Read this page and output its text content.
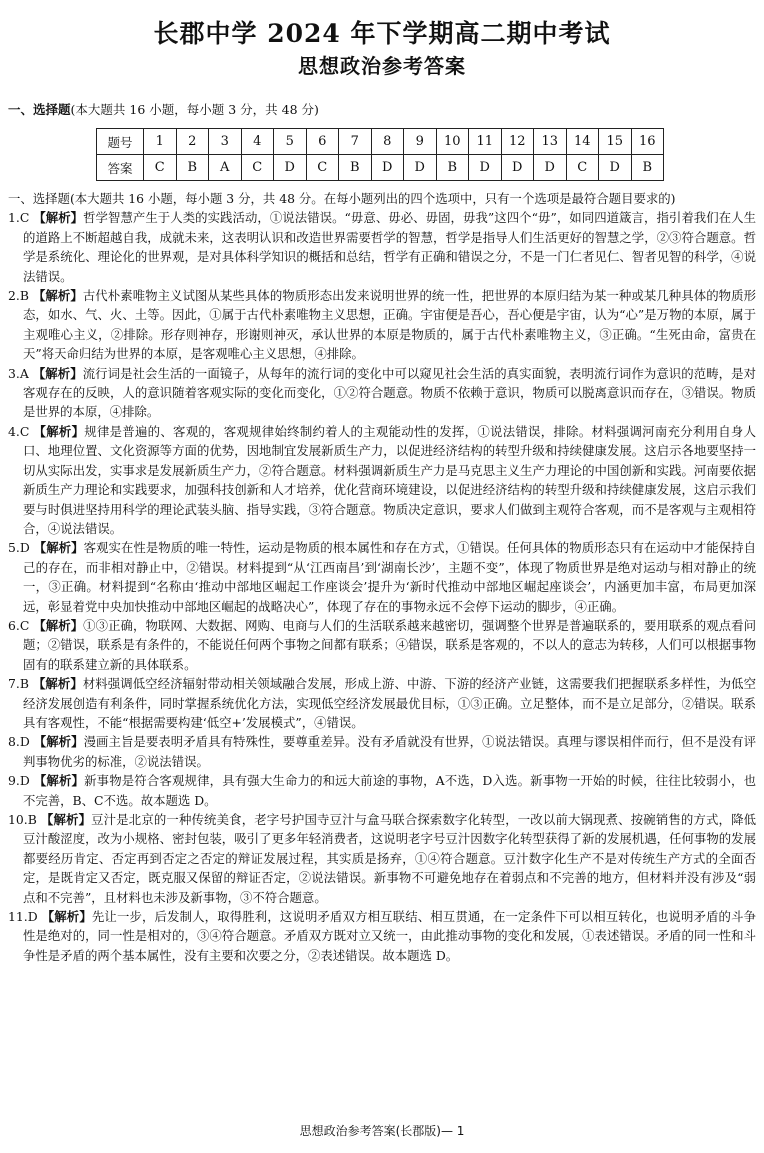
长郡中学 2024 年下学期高二期中考试
思想政治参考答案
一、选择题(本大题共 16 小题，每小题 3 分，共 48 分)
题号	1	2	3	4	5	6	7	8	9	10	11	12	13	14	15	16
答案	C	B	A	C	D	C	B	D	D	B	D	D	D	C	D	B

一、选择题(本大题共 16 小题，每小题 3 分，共 48 分。在每小题列出的四个选项中，只有一个选项是最符合题目要求的)

1.C 【解析】哲学智慧产生于人类的实践活动，①说法错误。“毋意、毋必、毋固，毋我”这四个“毋”，如同四道箴言，指引着我们在人生的道路上不断超越自我，成就未来，这表明认识和改造世界需要哲学的智慧，哲学是指导人们生活更好的智慧之学，②③符合题意。哲学是系统化、理论化的世界观，是对具体科学知识的概括和总结，哲学有正确和错误之分，不是一门仁者见仁、智者见智的科学，④说法错误。

2.B 【解析】古代朴素唯物主义试图从某些具体的物质形态出发来说明世界的统一性，把世界的本原归结为某一种或某几种具体的物质形态，如水、气、火、土等。因此，①属于古代朴素唯物主义思想，正确。宇宙便是吾心，吾心便是宇宙，认为“心”是万物的本原，属于主观唯心主义，②排除。形存则神存，形谢则神灭，承认世界的本原是物质的，属于古代朴素唯物主义，③正确。“生死由命，富贵在天”将天命归结为世界的本原，是客观唯心主义思想，④排除。

3.A 【解析】流行词是社会生活的一面镜子，从每年的流行词的变化中可以窥见社会生活的真实面貌，表明流行词作为意识的范畴，是对客观存在的反映，人的意识随着客观实际的变化而变化，①②符合题意。物质不依赖于意识，物质可以脱离意识而存在，③错误。物质是世界的本原，④排除。

4.C 【解析】规律是普遍的、客观的，客观规律始终制约着人的主观能动性的发挥，①说法错误，排除。材料强调河南充分利用自身人口、地理位置、文化资源等方面的优势，因地制宜发展新质生产力，以促进经济结构的转型升级和持续健康发展。这启示各地要坚持一切从实际出发，实事求是发展新质生产力，②符合题意。材料强调新质生产力是马克思主义生产力理论的中国创新和实践。河南要依据新质生产力理论和实践要求，加强科技创新和人才培养，优化营商环境建设，以促进经济结构的转型升级和持续健康发展，这启示我们要与时俱进坚持用科学的理论武装头脑、指导实践，③符合题意。物质决定意识，要求人们做到主观符合客观，而不是客观与主观相符合，④说法错误。

5.D 【解析】客观实在性是物质的唯一特性，运动是物质的根本属性和存在方式，①错误。任何具体的物质形态只有在运动中才能保持自己的存在，而非相对静止中，②错误。材料提到“从‘江西南昌’到‘湖南长沙’，主题不变”，体现了物质世界是绝对运动与相对静止的统一，③正确。材料提到“名称由‘推动中部地区崛起工作座谈会’提升为‘新时代推动中部地区崛起座谈会’，内涵更加丰富，布局更加深远，彰显着党中央加快推动中部地区崛起的战略决心”，体现了存在的事物永远不会停下运动的脚步，④正确。

6.C 【解析】①③正确，物联网、大数据、网购、电商与人们的生活联系越来越密切，强调整个世界是普遍联系的，要用联系的观点看问题；②错误，联系是有条件的，不能说任何两个事物之间都有联系；④错误，联系是客观的，不以人的意志为转移，人们可以根据事物固有的联系建立新的具体联系。

7.B 【解析】材料强调低空经济辐射带动相关领域融合发展，形成上游、中游、下游的经济产业链，这需要我们把握联系多样性，为低空经济发展创造有利条件，同时掌握系统优化方法，实现低空经济发展最优目标，①③正确。立足整体，而不是立足部分，②错误。联系具有客观性，不能“根据需要构建‘低空+’发展模式”，④错误。

8.D 【解析】漫画主旨是要表明矛盾具有特殊性，要尊重差异。没有矛盾就没有世界，①说法错误。真理与谬误相伴而行，但不是没有评判事物优劣的标准，②说法错误。

9.D 【解析】新事物是符合客观规律，具有强大生命力的和远大前途的事物，A不选，D入选。新事物一开始的时候，往往比较弱小，也不完善，B、C不选。故本题选 D。

10.B 【解析】豆汁是北京的一种传统美食，老字号护国寺豆汁与盒马联合探索数字化转型，一改以前大锅现煮、按碗销售的方式，降低豆汁酸涩度，改为小规格、密封包装，吸引了更多年轻消费者，这说明老字号豆汁因数字化转型获得了新的发展机遇，任何事物的发展都要经历肯定、否定再到否定之否定的辩证发展过程，其实质是扬弃，①④符合题意。豆汁数字化生产不是对传统生产方式的全面否定，是既肯定又否定，既克服又保留的辩证否定，②说法错误。新事物不可避免地存在着弱点和不完善的地方，但材料并没有涉及“弱点和不完善”，且材料也未涉及新事物，③不符合题意。

11.D 【解析】先让一步，后发制人，取得胜利，这说明矛盾双方相互联结、相互贯通，在一定条件下可以相互转化，也说明矛盾的斗争性是绝对的，同一性是相对的，③④符合题意。矛盾双方既对立又统一，由此推动事物的变化和发展，①表述错误。矛盾的同一性和斗争性是矛盾的两个基本属性，没有主要和次要之分，②表述错误。故本题选 D。

思想政治参考答案(长郡版)— 1
